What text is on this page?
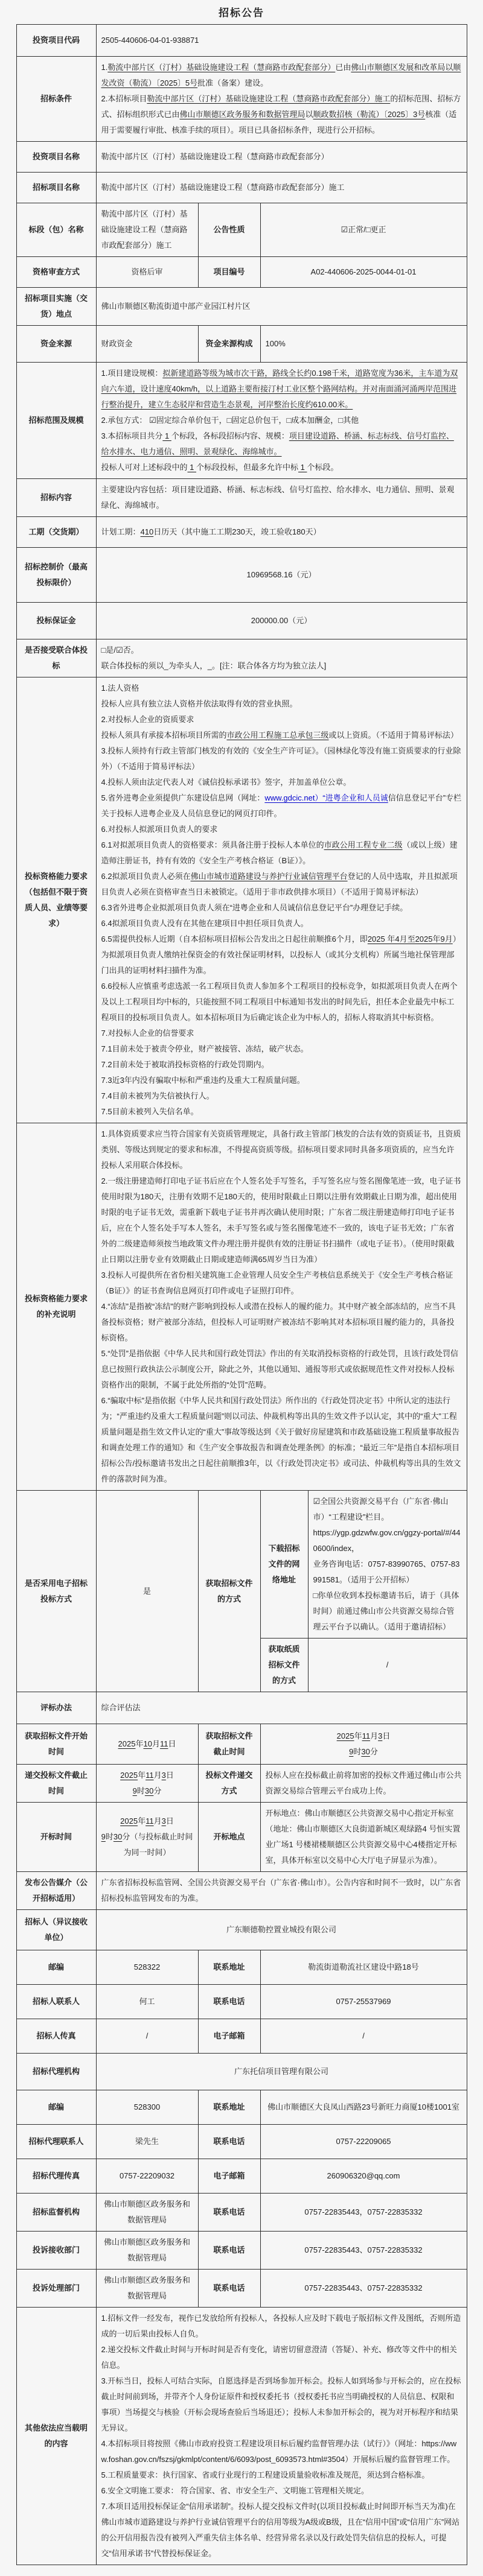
招标公告
投资项目代码	2505-440606-04-01-938871			
招标条件	1.勒流中部片区（汀村）基础设施建设工程（慧商路市政配套部分）已由佛山市顺德区发展和改革局以顺发改资（勒流）〔2025〕5号批准（备案）建设。
2.本招标项目勒流中部片区（汀村）基础设施建设工程（慧商路市政配套部分）施工的招标范围、招标方式、招标组织形式已由佛山市顺德区政务服务和数据管理局以顺政数招核（勒流）〔2025〕3号核准（适用于需要履行审批、核准手续的项目）。项目已具备招标条件，现进行公开招标。			

投资项目名称	勒流中部片区（汀村）基础设施建设工程（慧商路市政配套部分）			
招标项目名称	勒流中部片区（汀村）基础设施建设工程（慧商路市政配套部分）施工			
标段（包）名称	勒流中部片区（汀村）基础设施建设工程（慧商路市政配套部分）施工	公告性质	☑正常/□更正	
资格审查方式	资格后审	项目编号	A02-440606-2025-0044-01-01	
招标项目实施（交货）地点	佛山市顺德区勒流街道中部产业园江村片区			
资金来源	财政资金	资金来源构成	100%	
招标范围及规模	1.项目建设规模：拟新建道路等级为城市次干路，路线全长约0.198千米，道路宽度为36米，主车道为双向六车道，设计速度40km/h，以上道路主要衔接汀村工业区整个路网结构。并对南面涌河涌两岸范围进行整治提升，建立生态驳岸和营造生态景观，河岸整治长度约610.00米。
2.承包方式： ☑固定综合单价包干，□固定总价包干，□成本加酬金，□其他
3.本招标项目共分 1 个标段，各标段招标内容、规模：项目建设道路、桥涵、标志标线、信号灯监控、给水排水、电力通信、照明、景观绿化、海绵城市。
投标人可对上述标段中的 1 个标段投标，但最多允许中标 1 个标段。			

招标内容	主要建设内容包括：项目建设道路、桥涵、标志标线、信号灯监控、给水排水、电力通信、照明、景观绿化、海绵城市。			
工期（交货期）	计划工期：410日历天（其中施工工期230天，竣工验收180天）			

招标控制价（最高投标限价）	10969568.16（元）			
投标保证金	200000.00（元）			
是否接受联合体投标	□是/☑否。
联合体投标的须以_为牵头人，_。[注：联合体各方均为独立法人]			

投标资格能力要求（包括但不限于资质人员、业绩等要求）	
1.法人资格
投标人应具有独立法人资格并依法取得有效的营业执照。
2.对投标人企业的资质要求
投标人须具有承接本招标项目所需的市政公用工程施工总承包三级或以上资质。（不适用于简易评标法）
3.投标人须持有行政主管部门核发的有效的《安全生产许可证》。（园林绿化等没有施工资质要求的行业除外）（不适用于简易评标法）
4.投标人须由法定代表人对《诚信投标承诺书》签字，并加盖单位公章。
5.省外进粤企业须提供广东建设信息网（网址：www.gdcic.net）“进粤企业和人员诚信信息登记平台”专栏关于投标人进粤企业及人员信息登记的网页打印件。
6.对投标人拟派项目负责人的要求
6.1对拟派项目负责人的资格要求：须具备注册于投标人本单位的市政公用工程专业二级（或以上级）建造师注册证书，持有有效的《安全生产考核合格证（B证）》。
6.2拟派项目负责人必须在佛山市城市道路建设与养护行业诚信管理平台登记的人员中选取，并且拟派项目负责人必须在资格审查当日未被锁定。（适用于非市政供排水项目）（不适用于简易评标法）
6.3省外进粤企业拟派项目负责人须在“进粤企业和人员诚信信息登记平台”办理登记手续。
6.4拟派项目负责人没有在其他在建项目中担任项目负责人。
6.5需提供投标人近期（自本招标项目招标公告发出之日起往前顺推6个月，即2025 年4月至2025年9月）为拟派项目负责人缴纳社保资金的有效社保证明材料，以投标人（或其分支机构）所属当地社保管理部门出具的证明材料扫描件为准。
6.6投标人应慎重考虑选派一名工程项目负责人参加多个工程项目的投标竞争，如拟派项目负责人在两个及以上工程项目均中标的，只能按照不同工程项目中标通知书发出的时间先后，担任本企业最先中标工程项目的投标项目负责人。如本招标项目为后确定该企业为中标人的，招标人将取消其中标资格。
7.对投标人企业的信誉要求
7.1目前未处于被责令停业，财产被接管、冻结，破产状态。
7.2目前未处于被取消投标资格的行政处罚期内。
7.3近3年内没有骗取中标和严重违约及重大工程质量问题。
7.4目前未被列为失信被执行人。
7.5目前未被列入失信名单。

投标资格能力要求的补充说明	
1.具体资质要求应当符合国家有关资质管理规定，具备行政主管部门核发的合法有效的资质证书，且资质类别、等级达到规定的要求和标准，不得提高资质等级。招标项目要求同时具备多项资质的，应当允许投标人采用联合体投标。
2.一级注册建造师打印电子证书后应在个人签名处手写签名，手写签名应与签名图像笔迹一致，电子证书使用时限为180天，注册有效期不足180天的，使用时限截止日期以注册有效期截止日期为准，超出使用时限的电子证书无效，需重新下载电子证书并再次确认使用时限；广东省二级注册建造师打印电子证书后，应在个人签名处手写本人签名，未手写签名或与签名图像笔迹不一致的，该电子证书无效；广东省外的二级建造师须按当地政策文件办理注册并提供有效的注册证书扫描件（或电子证书）。（使用时限截止日期以注册专业有效期截止日期或建造师满65周岁当日为准）
3.投标人可提供所在省份相关建筑施工企业管理人员安全生产考核信息系统关于《安全生产考核合格证（B证）》的证书查询信息网页打印件或电子证照打印件。
4.“冻结”是指被“冻结”的财产影响到投标人或潜在投标人的履约能力。其中财产被全部冻结的，应当不具备投标资格；财产被部分冻结，但投标人可证明财产被冻结不影响其对本招标项目履约能力的，具备投标资格。
5.“处罚”是指依据《中华人民共和国行政处罚法》作出的有关取消投标资格的行政处罚，且该行政处罚信息已按照行政执法公示制度公开，除此之外，其他以通知、通报等形式或依据规范性文件对投标人投标资格作出的限制，不属于此处所指的“处罚”范畴。
6.“骗取中标”是指依据《中华人民共和国行政处罚法》所作出的《行政处罚决定书》中所认定的违法行为；“严重违约及重大工程质量问题”则以司法、仲裁机构等出具的生效文件予以认定，其中的“重大”工程质量问题是指生效文件认定的“重大”事故等级达到《关于做好房屋建筑和市政基础设施工程质量事故报告和调查处理工作的通知》和《生产安全事故报告和调查处理条例》的标准；“最近三年”是指自本招标项目招标公告/投标邀请书发出之日起往前顺推3年，以《行政处罚决定书》或司法、仲裁机构等出具的生效文件的落款时间为准。

是否采用电子招标投标方式	是	获取招标文件的方式	下载招标文件的网络地址	☑全国公共资源交易平台（广东省·佛山市）“工程建设”栏目。
https://ygp.gdzwfw.gov.cn/ggzy-portal/#/440600/index，
业务咨询电话：0757-83990765、0757-83991581。（适用于公开招标）
□你单位收到本投标邀请书后，请于（具体时间）前通过佛山市公共资源交易综合管理云平台予以确认。（适用于邀请招标）

			获取纸质招标文件的方式	/
评标办法	综合评估法			
获取招标文件开始时间	2025年10月11日	获取招标文件截止时间	2025年11月3日
9时30分	

递交投标文件截止时间	2025年11月3日
9时30分	投标文件递交方式	投标人应在投标截止前将加密的投标文件通过佛山市公共资源交易综合管理云平台成功上传。	
开标时间	2025年11月3日
9时30分（与投标截止时间为同一时间）	开标地点	开标地点：佛山市顺德区公共资源交易中心指定开标室（地址：佛山市顺德区大良街道新城区观绿路4 号恒实置业广场1 号楼裙楼顺德区公共资源交易中心4楼指定开标室，具体开标室以交易中心大厅电子屏显示为准）。	
发布公告媒介（公开招标适用）	广东省招标投标监管网、全国公共资源交易平台（广东省·佛山市）。公告内容和时间不一致时，以广东省招标投标监管网发布的为准。			
招标人（异议接收单位）	广东顺德勒控置业城投有限公司			
邮编	528322	联系地址	勒流街道勒流社区建设中路18号	
招标人联系人	何工	联系电话	0757-25537969	
招标人传真	/	电子邮箱	/	
招标代理机构	广东托信项目管理有限公司			
邮编	528300	联系地址	佛山市顺德区大良凤山西路23号新旺力商厦10楼1001室	
招标代理联系人	梁先生	联系电话	0757-22209065	
招标代理传真	0757-22209032	电子邮箱	260906320@qq.com	
招标监督机构	佛山市顺德区政务服务和数据管理局	联系电话	0757-22835443，0757-22835332	
投诉接收部门	佛山市顺德区政务服务和数据管理局	联系电话	0757-22835443、0757-22835332	
投诉处理部门	佛山市顺德区政务服务和数据管理局	联系电话	0757-22835443、0757-22835332	
其他依法应当载明的内容	
1.招标文件一经发布，视作已发放给所有投标人，各投标人应及时下载电子版招标文件及图纸，否则所造成的一切后果由投标人自负。
2.递交投标文件截止时间与开标时间是否有变化，请密切留意澄清（答疑）、补充、修改等文件中的相关信息。
3.开标当日，投标人可结合实际，自愿选择是否到场参加开标会。投标人如到场参与开标会的，应在投标截止时间前到场，并带齐个人身份证原件和授权委托书（授权委托书应当明确授权的人员信息、权限和事项）当场提交与核验（开标会现场查验后当场退还）；投标人未参加开标会的，视为对开标程序和结果无异议。
4.本招标项目将按照《佛山市政府投资工程建设项目标后履约监督管理办法（试行）》（网址：https://www.foshan.gov.cn/fszsj/gkmlpt/content/6/6093/post_6093573.html#3504）开展标后履约监督管理工作。
5.工程质量要求：执行国家、省或行业现行的工程建设质量验收标准及规范，须达到合格标准。
6.安全文明施工要求： 符合国家、省、市安全生产、文明施工管理相关规定。
7.本项目适用投标保证金“信用承诺制”。投标人提交投标文件时(以项目投标截止时间即开标当天为准)在佛山市城市道路建设与养护行业诚信管理平台的信用等级为A级或B级，且在“信用中国”或“信用广东”网站的公开信用报告没有被列入严重失信主体名单、经营异常名录以及行政处罚失信信息的投标人，可提交“信用承诺书”代替投标保证金。
